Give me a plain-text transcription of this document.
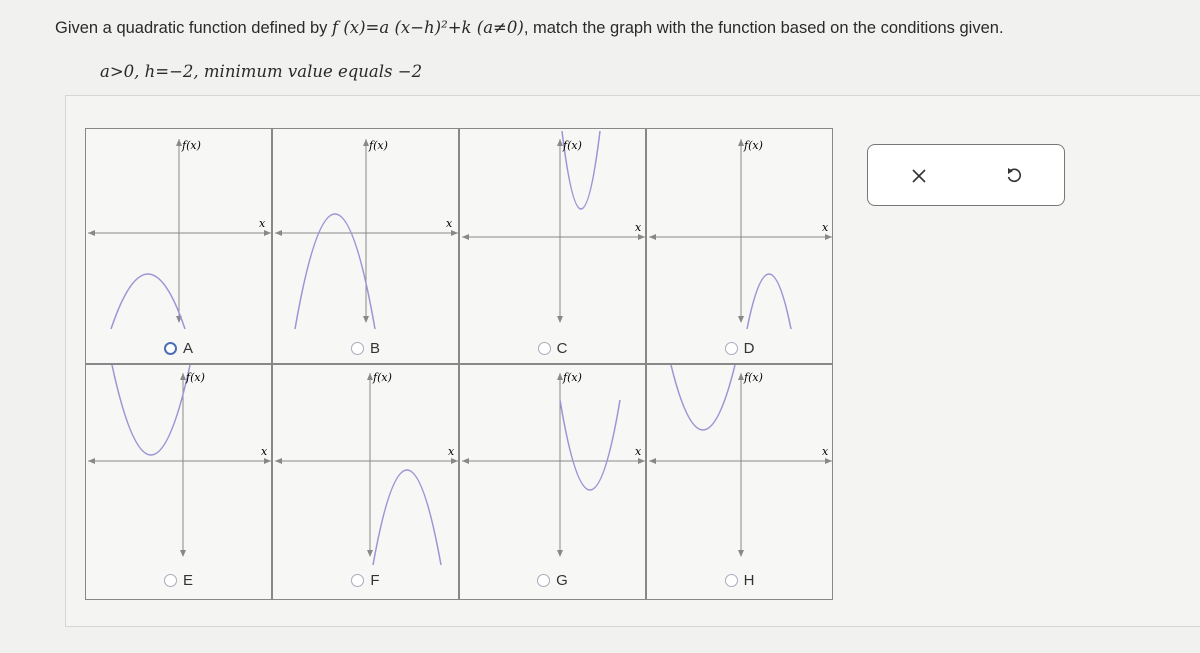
Given a quadratic function defined by f (x)=a (x−h)²+k (a≠0), match the graph with the function based on the conditions given.
a>0, h=−2, minimum value equals −2
f(x)
x
A
f(x)
x
B
f(x)
x
C
f(x)
x
D
f(x)
x
E
f(x)
x
F
f(x)
x
G
f(x)
x
H
